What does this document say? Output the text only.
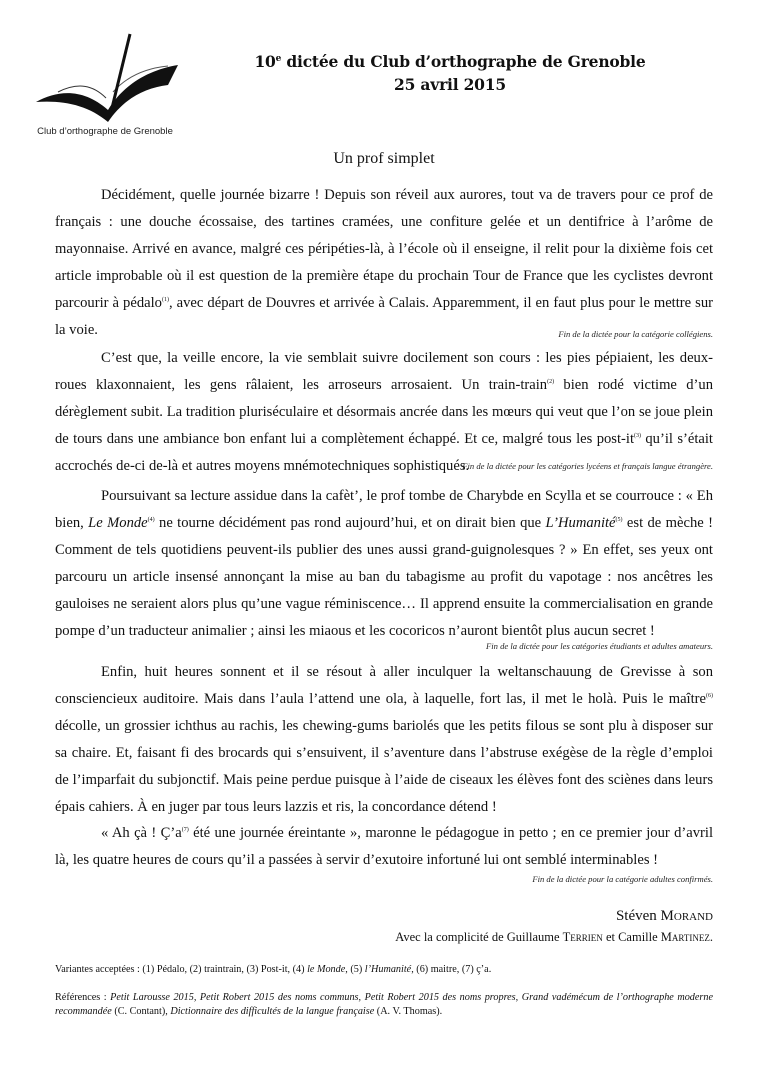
Club d’orthographe de Grenoble
10e dictée du Club d’orthographe de Grenoble
25 avril 2015
Un prof simplet
Décidément, quelle journée bizarre ! Depuis son réveil aux aurores, tout va de travers pour ce prof de français : une douche écossaise, des tartines cramées, une confiture gelée et un dentifrice à l’arôme de mayonnaise. Arrivé en avance, malgré ces péripéties-là, à l’école où il enseigne, il relit pour la dixième fois cet article improbable où il est question de la première étape du prochain Tour de France que les cyclistes devront parcourir à pédalo$^{(1)}$, avec départ de Douvres et arrivée à Calais. Apparemment, il en faut plus pour le mettre sur la voie.	Fin de la dictée pour la catégorie collégiens.
C’est que, la veille encore, la vie semblait suivre docilement son cours : les pies pépiaient, les deux-roues klaxonnaient, les gens râlaient, les arroseurs arrosaient. Un train-train$^{(2)}$ bien rodé victime d’un dérèglement subit. La tradition pluriséculaire et désormais ancrée dans les mœurs qui veut que l’on se joue plein de tours dans une ambiance bon enfant lui a complètement échappé. Et ce, malgré tous les post-$it^{(3)}$ qu’il s’était accrochés de-ci de-là et autres moyens mnémotechniques sophistiqués.
Fin de la dictée pour les catégories lycéens et français langue étrangère.
Poursuivant sa lecture assidue dans la cafèt’, le prof tombe de Charybde en Scylla et se courrouce : « Eh bien, Le Monde$^{(4)}$ ne tourne décidément pas rond aujourd’hui, et on dirait bien que L’Humanité$^{(5)}$ est de mèche ! Comment de tels quotidiens peuvent-ils publier des unes aussi grand-guignolesques ? » En effet, ses yeux ont parcouru un article insensé annonçant la mise au ban du tabagisme au profit du vapotage : nos ancêtres les gauloises ne seraient alors plus qu’une vague réminiscence… Il apprend ensuite la commercialisation en grande pompe d’un traducteur animalier ; ainsi les miaous et les cocoricos n’auront bientôt plus aucun secret !
Fin de la dictée pour les catégories étudiants et adultes amateurs.
Enfin, huit heures sonnent et il se résout à aller inculquer la weltanschauung de Grevisse à son consciencieux auditoire. Mais dans l’aula l’attend une ola, à laquelle, fort las, il met le holà. Puis le maître$^{(6)}$ décolle, un grossier ichthus au rachis, les chewing-gums bariolés que les petits filous se sont plu à disposer sur sa chaire. Et, faisant fi des brocards qui s’ensuivent, il s’aventure dans l’abstruse exégèse de la règle d’emploi de l’imparfait du subjonctif. Mais peine perdue puisque à l’aide de ciseaux les élèves font des sciènes dans leurs épais cahiers. À en juger par tous leurs lazzis et ris, la concordance détend !
« Ah çà ! $Ç’a^{(7)}$ été une journée éreintante », maronne le pédagogue in petto ; en ce premier jour d’avril là, les quatre heures de cours qu’il a passées à servir d’exutoire infortuné lui ont semblé interminables !
Fin de la dictée pour la catégorie adultes confirmés.
Stéven Morand
Avec la complicité de Guillaume Terrien et Camille Martinez.
Variantes acceptées : (1) Pédalo, (2) traintrain, (3) Post-it, (4) le Monde, (5) l’Humanité, (6) maitre, (7) ç’a.
Références : Petit Larousse 2015, Petit Robert 2015 des noms communs, Petit Robert 2015 des noms propres, Grand vadémécum de l’orthographe moderne recommandée (C. Contant), Dictionnaire des difficultés de la langue française (A. V. Thomas).
